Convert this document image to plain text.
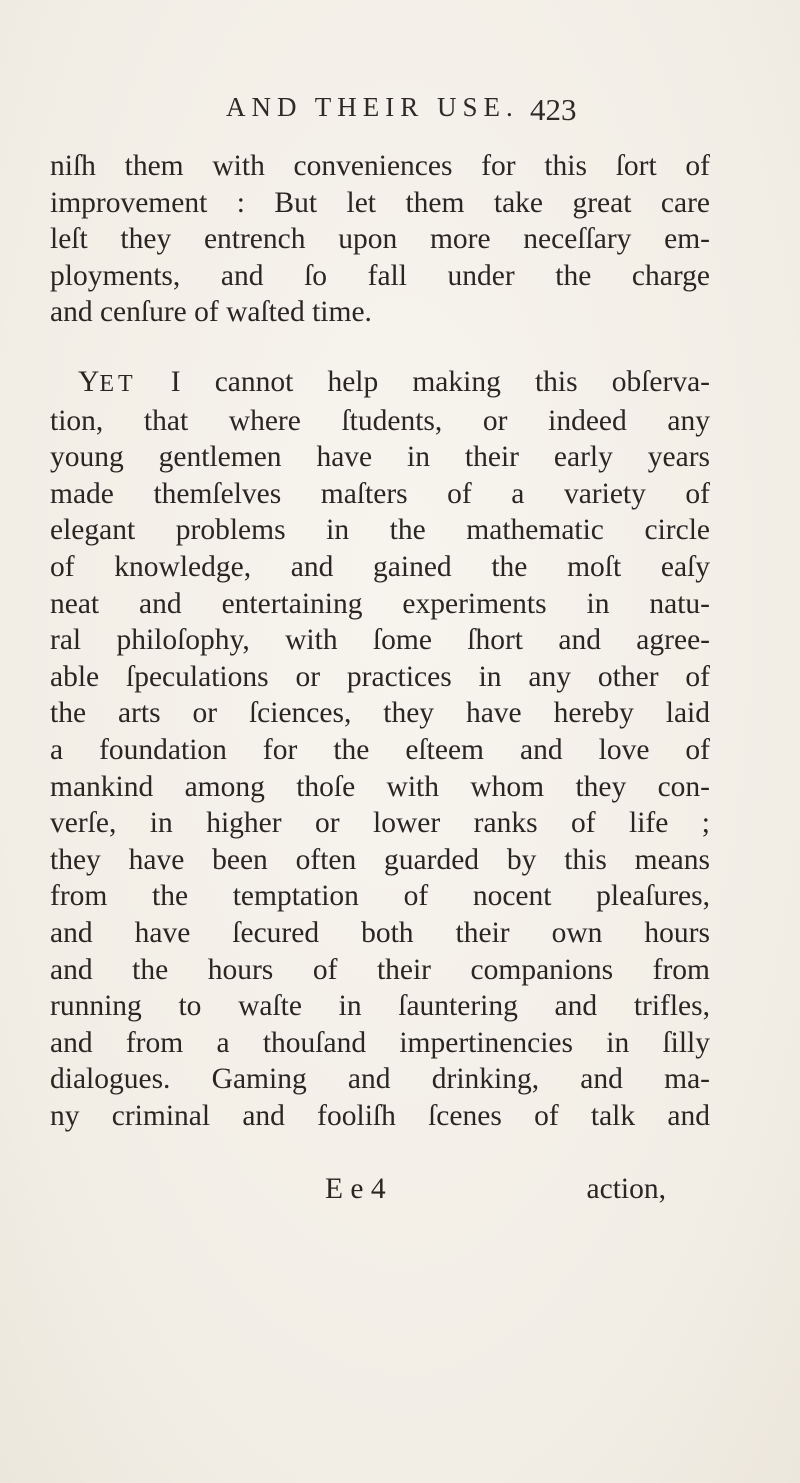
AND THEIR USE. 423
niſh them with conveniences for this ſort of
improvement : But let them take great care
leſt they entrench upon more neceſſary em-
ployments, and ſo fall under the charge
and cenſure of waſted time.
YET I cannot help making this obſerva-
tion, that where ſtudents, or indeed any
young gentlemen have in their early years
made themſelves maſters of a variety of
elegant problems in the mathematic circle
of knowledge, and gained the moſt eaſy
neat and entertaining experiments in natu-
ral philoſophy, with ſome ſhort and agree-
able ſpeculations or practices in any other of
the arts or ſciences, they have hereby laid
a foundation for the eſteem and love of
mankind among thoſe with whom they con-
verſe, in higher or lower ranks of life ;
they have been often guarded by this means
from the temptation of nocent pleaſures,
and have ſecured both their own hours
and the hours of their companions from
running to waſte in ſauntering and trifles,
and from a thouſand impertinencies in ſilly
dialogues. Gaming and drinking, and ma-
ny criminal and fooliſh ſcenes of talk and
E e 4	action,
